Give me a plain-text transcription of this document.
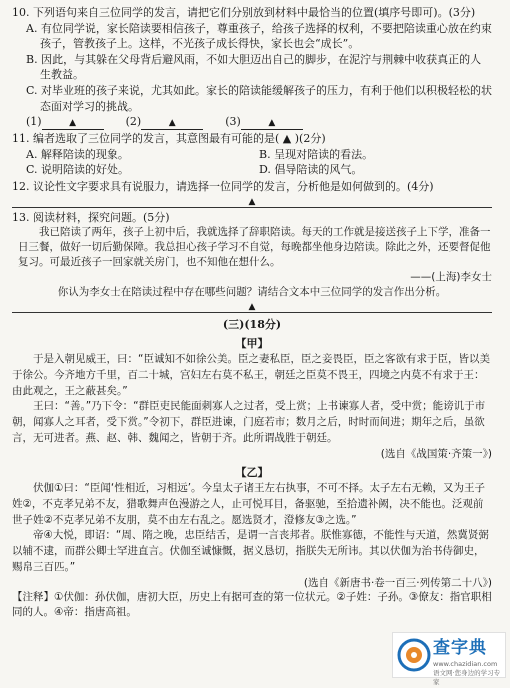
10. 下列语句来自三位同学的发言，请把它们分别放到材料中最恰当的位置(填序号即可)。(3分)

A. 有位同学说，家长陪读要相信孩子，尊重孩子，给孩子选择的权利，不要把陪读重心放在约束孩子，管教孩子上。这样，不光孩子成长得快，家长也会“成长”。

B. 因此，与其躲在父母背后避风雨，不如大胆迈出自己的脚步，在泥泞与荆棘中收获真正的人生教益。

C. 对毕业班的孩子来说，尤其如此。家长的陪读能缓解孩子的压力，有利于他们以积极轻松的状态面对学习的挑战。

(1)	▲	(2)	▲	(3)	▲

11. 编者选取了三位同学的发言，其意图最有可能的是( ▲ )(2分)

A. 解释陪读的现象。	B. 呈现对陪读的看法。
C. 说明陪读的好处。	D. 倡导陪读的风气。

12. 议论性文字要求具有说服力，请选择一位同学的发言，分析他是如何做到的。(4分)

▲

13. 阅读材料，探究问题。(5分)

我已陪读了两年，孩子上初中后，我就选择了辞职陪读。每天的工作就是接送孩子上下学，准备一日三餐，做好一切后勤保障。我总担心孩子学习不自觉，每晚都坐他身边陪读。除此之外，还要督促他复习。可最近孩子一回家就关房门，也不知他在想什么。

——(上海)李女士

你认为李女士在陪读过程中存在哪些问题？请结合文本中三位同学的发言作出分析。

▲

(三)(18分)

【甲】

于是入朝见威王，曰：“臣诚知不如徐公美。臣之妻私臣，臣之妾畏臣，臣之客欲有求于臣，皆以美于徐公。今齐地方千里，百二十城，宫妇左右莫不私王，朝廷之臣莫不畏王，四境之内莫不有求于王：由此观之，王之蔽甚矣。”

王曰：“善。”乃下令：“群臣吏民能面刺寡人之过者，受上赏；上书谏寡人者，受中赏；能谤讥于市朝，闻寡人之耳者，受下赏。”令初下，群臣进谏，门庭若市；数月之后，时时而间进；期年之后，虽欲言，无可进者。燕、赵、韩、魏闻之，皆朝于齐。此所谓战胜于朝廷。

(选自《战国策·齐策一》)

【乙】

伏伽①曰：“臣闻‘性相近，习相远’。今皇太子诸王左右执事，不可不择。太子左右无赖，又为王子姓②，不克孝兄弟不友，猎歌舞声色漫游之人，止可悦耳目，备驱驰，至拾遗补阙，决不能也。泛观前世子姓②不克孝兄弟不友朋，莫不由左右乱之。愿选贤才，澄修友③之选。”

帝④大悦，即诏：“周、隋之晚，忠臣结舌，是谓一言丧邦者。朕惟寡德，不能性与天道，然冀贤弼以辅不逮，而群公卿士罕进直言。伏伽至诚慷慨，据义恳切，指朕失无所讳。其以伏伽为治书侍御史，赐帛三百匹。”

(选自《新唐书·卷一百三·列传第二十八》)

【注释】①伏伽：孙伏伽，唐初大臣，历史上有据可查的第一位状元。②子姓：子孙。③僚友：指官职相同的人。④帝：指唐高祖。

查字典
www.chazidian.com 语文网·您身边的学习专家
